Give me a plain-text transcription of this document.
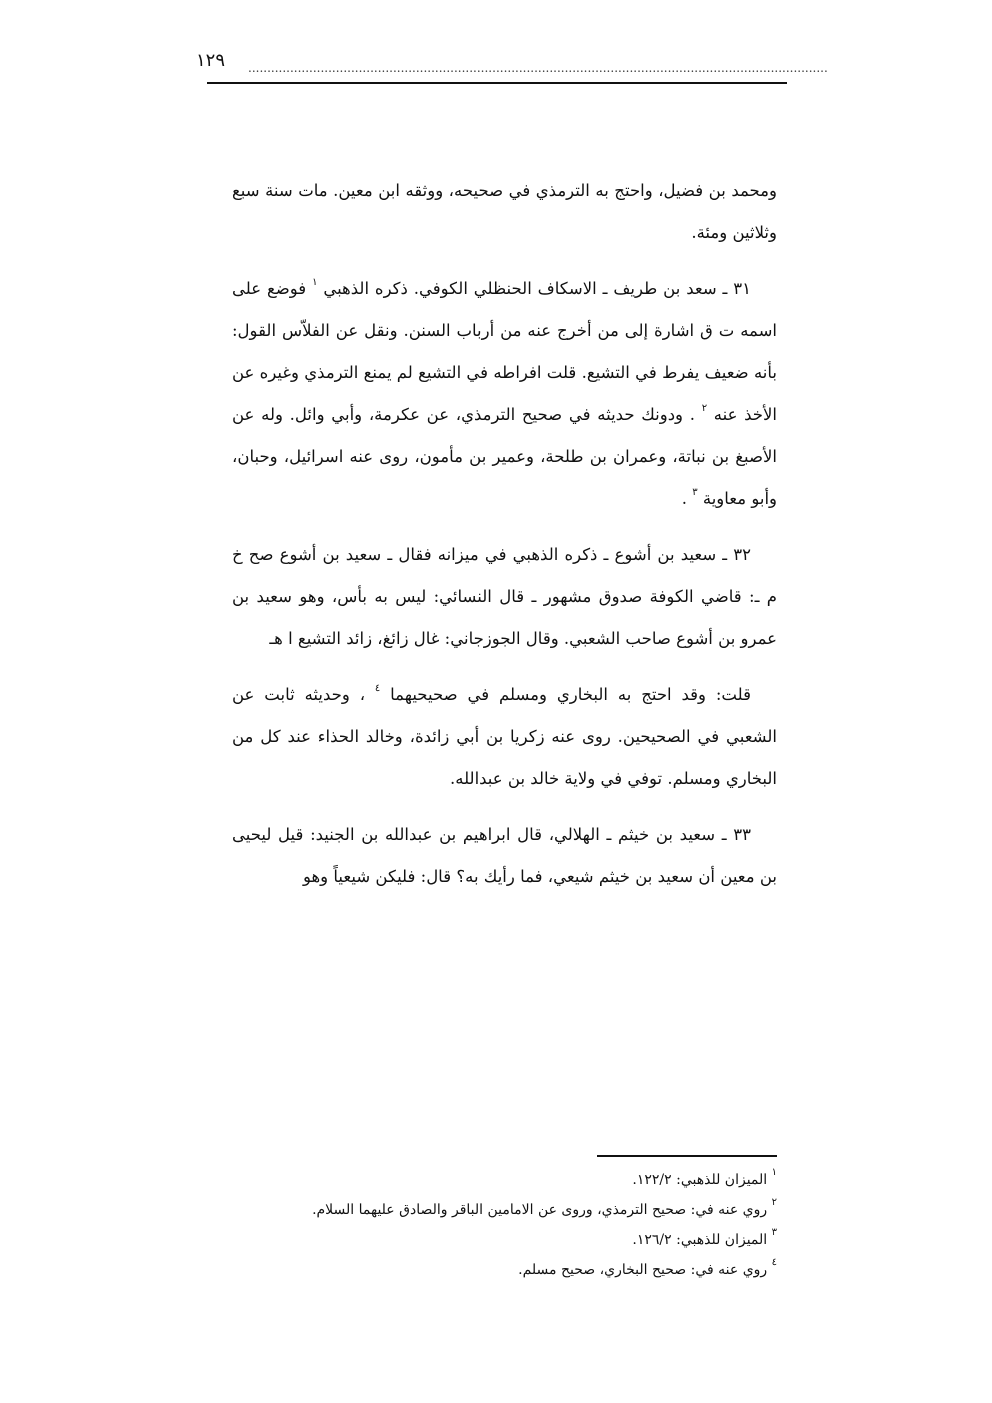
١٢٩ ........................................................................................................................................................

ومحمد بن فضيل، واحتج به الترمذي في صحيحه، ووثقه ابن معين. مات سنة سبع وثلاثين ومئة.

٣١ ـ سعد بن طريف ـ الاسكاف الحنظلي الكوفي. ذكره الذهبي $^١$ فوضع على اسمه ت ق اشارة إلى من أخرج عنه من أرباب السنن. ونقل عن الفلاّس القول: بأنه ضعيف يفرط في التشيع. قلت افراطه في التشيع لم يمنع الترمذي وغيره عن الأخذ عنه $^٢$ . ودونك حديثه في صحيح الترمذي، عن عكرمة، وأبي وائل. وله عن الأصبغ بن نباتة، وعمران بن طلحة، وعمير بن مأمون، روى عنه اسرائيل، وحبان، وأبو معاوية $^٣$ .

٣٢ ـ سعيد بن أشوع ـ ذكره الذهبي في ميزانه فقال ـ سعيد بن أشوع صح خ م ـ: قاضي الكوفة صدوق مشهور ـ قال النسائي: ليس به بأس، وهو سعيد بن عمرو بن أشوع صاحب الشعبي. وقال الجوزجاني: غال زائغ، زائد التشيع ا هـ

قلت: وقد احتج به البخاري ومسلم في صحيحيهما $^٤$ ، وحديثه ثابت عن الشعبي في الصحيحين. روى عنه زكريا بن أبي زائدة، وخالد الحذاء عند كل من البخاري ومسلم. توفي في ولاية خالد بن عبدالله.

٣٣ ـ سعيد بن خيثم ـ الهلالي، قال ابراهيم بن عبدالله بن الجنيد: قيل ليحيى بن معين أن سعيد بن خيثم شيعي، فما رأيك به؟ قال: فليكن شيعياً وهو

$^١$ الميزان للذهبي: ١٢٢/٢.
$^٢$ روي عنه في: صحيح الترمذي، وروى عن الامامين الباقر والصادق عليهما السلام.
$^٣$ الميزان للذهبي: ١٢٦/٢.
$^٤$ روي عنه في: صحيح البخاري، صحيح مسلم.
